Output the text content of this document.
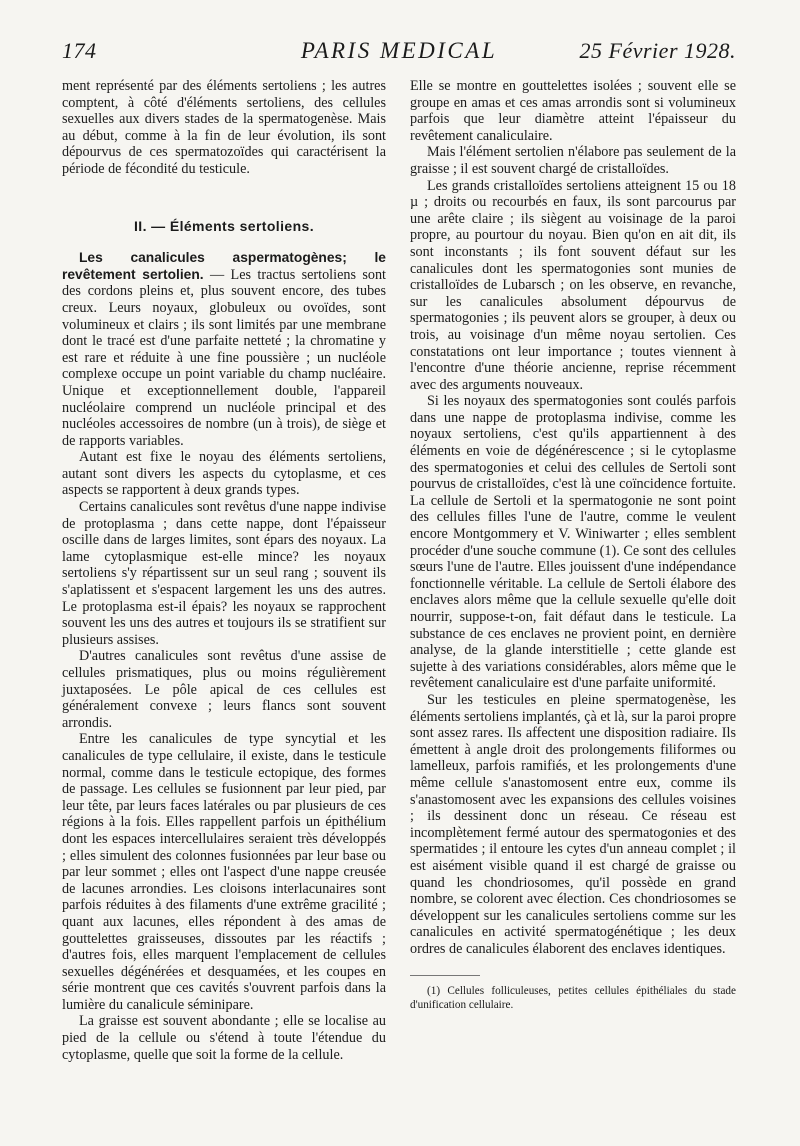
174	PARIS MEDICAL	25 Février 1928.

ment représenté par des éléments sertoliens ; les autres comptent, à côté d'éléments sertoliens, des cellules sexuelles aux divers stades de la spermatogenèse. Mais au début, comme à la fin de leur évolution, ils sont dépourvus de ces spermatozoïdes qui caractérisent la période de fécondité du testicule.

II. — Éléments sertoliens.

Les canalicules aspermatogènes; le revêtement sertolien. — Les tractus sertoliens sont des cordons pleins et, plus souvent encore, des tubes creux. Leurs noyaux, globuleux ou ovoïdes, sont volumineux et clairs ; ils sont limités par une membrane dont le tracé est d'une parfaite netteté ; la chromatine y est rare et réduite à une fine poussière ; un nucléole complexe occupe un point variable du champ nucléaire. Unique et exceptionnellement double, l'appareil nucléolaire comprend un nucléole principal et des nucléoles accessoires de nombre (un à trois), de siège et de rapports variables.

Autant est fixe le noyau des éléments sertoliens, autant sont divers les aspects du cytoplasme, et ces aspects se rapportent à deux grands types.

Certains canalicules sont revêtus d'une nappe indivise de protoplasma ; dans cette nappe, dont l'épaisseur oscille dans de larges limites, sont épars des noyaux. La lame cytoplasmique est-elle mince? les noyaux sertoliens s'y répartissent sur un seul rang ; souvent ils s'aplatissent et s'espacent largement les uns des autres. Le protoplasma est-il épais? les noyaux se rapprochent souvent les uns des autres et toujours ils se stratifient sur plusieurs assises.

D'autres canalicules sont revêtus d'une assise de cellules prismatiques, plus ou moins régulièrement juxtaposées. Le pôle apical de ces cellules est généralement convexe ; leurs flancs sont souvent arrondis.

Entre les canalicules de type syncytial et les canalicules de type cellulaire, il existe, dans le testicule normal, comme dans le testicule ectopique, des formes de passage. Les cellules se fusionnent par leur pied, par leur tête, par leurs faces latérales ou par plusieurs de ces régions à la fois. Elles rappellent parfois un épithélium dont les espaces intercellulaires seraient très développés ; elles simulent des colonnes fusionnées par leur base ou par leur sommet ; elles ont l'aspect d'une nappe creusée de lacunes arrondies. Les cloisons interlacunaires sont parfois réduites à des filaments d'une extrême gracilité ; quant aux lacunes, elles répondent à des amas de gouttelettes graisseuses, dissoutes par les réactifs ; d'autres fois, elles marquent l'emplacement de cellules sexuelles dégénérées et desquamées, et les coupes en série montrent que ces cavités s'ouvrent parfois dans la lumière du canalicule séminipare.

La graisse est souvent abondante ; elle se localise au pied de la cellule ou s'étend à toute l'étendue du cytoplasme, quelle que soit la forme de la cellule.

Elle se montre en gouttelettes isolées ; souvent elle se groupe en amas et ces amas arrondis sont si volumineux parfois que leur diamètre atteint l'épaisseur du revêtement canaliculaire.

Mais l'élément sertolien n'élabore pas seulement de la graisse ; il est souvent chargé de cristalloïdes.

Les grands cristalloïdes sertoliens atteignent 15 ou 18 µ ; droits ou recourbés en faux, ils sont parcourus par une arête claire ; ils siègent au voisinage de la paroi propre, au pourtour du noyau. Bien qu'on en ait dit, ils sont inconstants ; ils font souvent défaut sur les canalicules dont les spermatogonies sont munies de cristalloïdes de Lubarsch ; on les observe, en revanche, sur les canalicules absolument dépourvus de spermatogonies ; ils peuvent alors se grouper, à deux ou trois, au voisinage d'un même noyau sertolien. Ces constatations ont leur importance ; toutes viennent à l'encontre d'une théorie ancienne, reprise récemment avec des arguments nouveaux.

Si les noyaux des spermatogonies sont coulés parfois dans une nappe de protoplasma indivise, comme les noyaux sertoliens, c'est qu'ils appartiennent à des éléments en voie de dégénérescence ; si le cytoplasme des spermatogonies et celui des cellules de Sertoli sont pourvus de cristalloïdes, c'est là une coïncidence fortuite. La cellule de Sertoli et la spermatogonie ne sont point des cellules filles l'une de l'autre, comme le veulent encore Montgommery et V. Winiwarter ; elles semblent procéder d'une souche commune (1). Ce sont des cellules sœurs l'une de l'autre. Elles jouissent d'une indépendance fonctionnelle véritable. La cellule de Sertoli élabore des enclaves alors même que la cellule sexuelle qu'elle doit nourrir, suppose-t-on, fait défaut dans le testicule. La substance de ces enclaves ne provient point, en dernière analyse, de la glande interstitielle ; cette glande est sujette à des variations considérables, alors même que le revêtement canaliculaire est d'une parfaite uniformité.

Sur les testicules en pleine spermatogenèse, les éléments sertoliens implantés, çà et là, sur la paroi propre sont assez rares. Ils affectent une disposition radiaire. Ils émettent à angle droit des prolongements filiformes ou lamelleux, parfois ramifiés, et les prolongements d'une même cellule s'anastomosent entre eux, comme ils s'anastomosent avec les expansions des cellules voisines ; ils dessinent donc un réseau. Ce réseau est incomplètement fermé autour des spermatogonies et des spermatides ; il entoure les cytes d'un anneau complet ; il est aisément visible quand il est chargé de graisse ou quand les chondriosomes, qu'il possède en grand nombre, se colorent avec élection. Ces chondriosomes se développent sur les canalicules sertoliens comme sur les canalicules en activité spermatogénétique ; les deux ordres de canalicules élaborent des enclaves identiques.

(1) Cellules folliculeuses, petites cellules épithéliales du stade d'unification cellulaire.
